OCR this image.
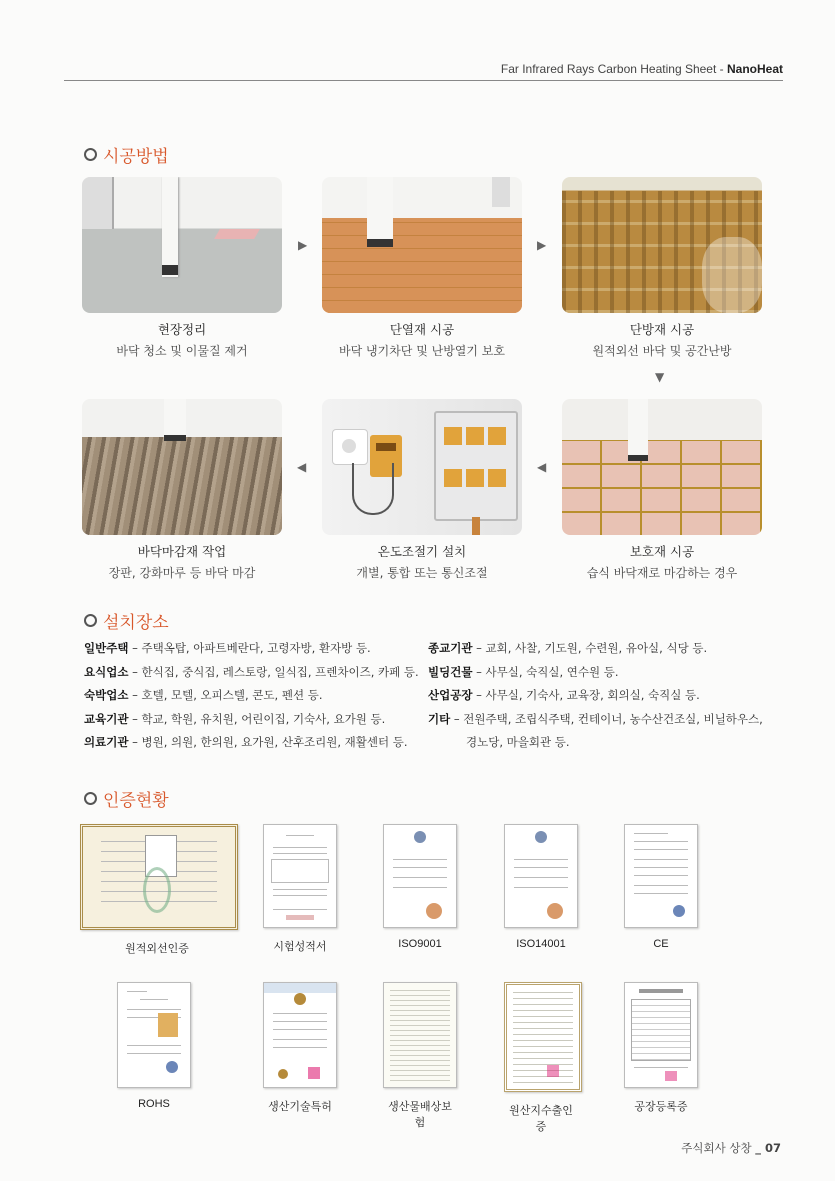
Far Infrared Rays Carbon Heating Sheet - NanoHeat
시공방법
현장정리
바닥 청소 및 이물질 제거
▶
단열재 시공
바닥 냉기차단 및 난방열기 보호
▶
단방재 시공
원적외선 바닥 및 공간난방
▼
바닥마감재 작업
장판, 강화마루 등 바닥 마감
◀
온도조절기 설치
개별, 통합 또는 통신조절
◀
보호재 시공
습식 바닥재로 마감하는 경우
설치장소
일반주택 – 주택옥탑, 아파트베란다, 고령자방, 환자방 등.
요식업소 – 한식집, 중식집, 레스토랑, 일식집, 프렌차이즈, 카페 등.
숙박업소 – 호텔, 모텔, 오피스텔, 콘도, 펜션 등.
교육기관 – 학교, 학원, 유치원, 어린이집, 기숙사, 요가원 등.
의료기관 – 병원, 의원, 한의원, 요가원, 산후조리원, 재활센터 등.
종교기관 – 교회, 사찰, 기도원, 수련원, 유아실, 식당 등.
빌딩건물 – 사무실, 숙직실, 연수원 등.
산업공장 – 사무실, 기숙사, 교육장, 회의실, 숙직실 등.
기타 – 전원주택, 조립식주택, 컨테이너, 농수산건조실, 비닐하우스,
경노당, 마을회관 등.
인증현황
원적외선인증	시험성적서	ISO9001	ISO14001	CE
ROHS	생산기술특허	생산물배상보험
원산지수출인증
공장등록증
주식회사 상창 _ 07
